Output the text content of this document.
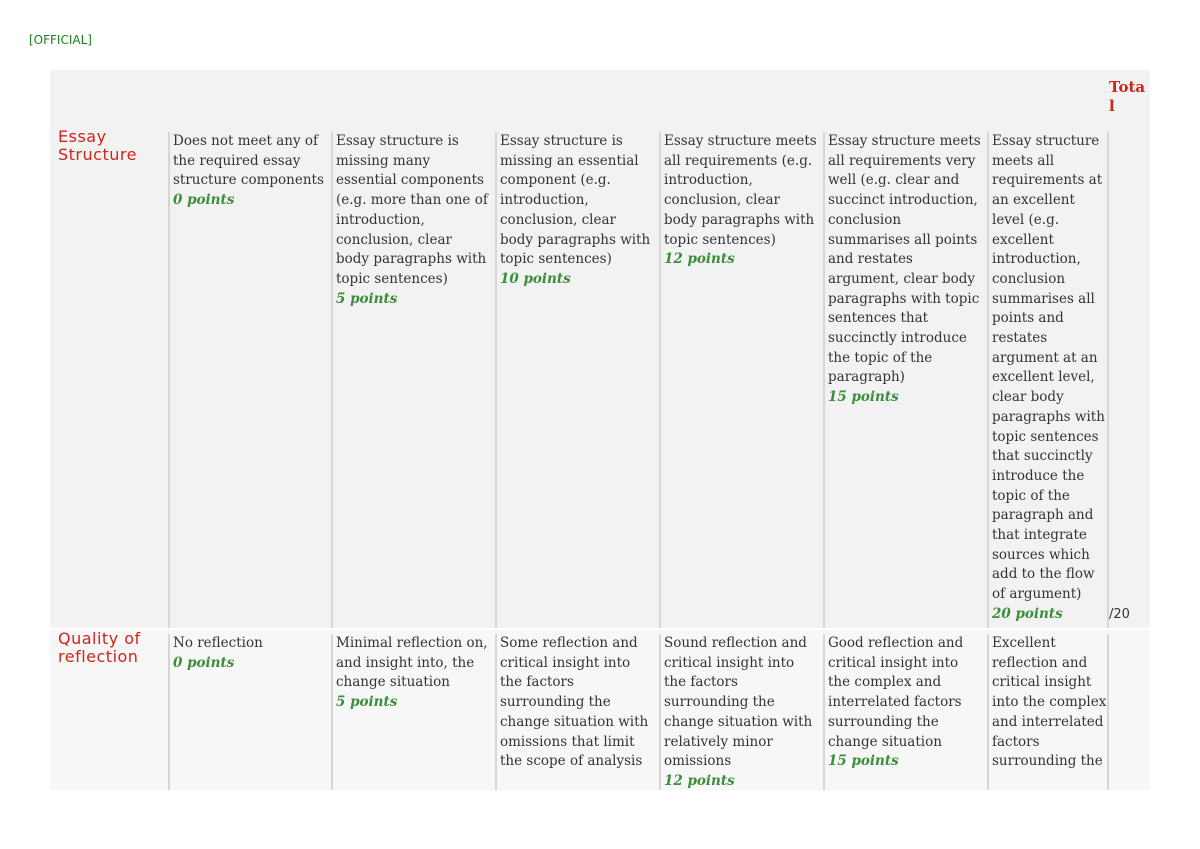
[OFFICIAL]
Total
Essay Structure
Does not meet any of the required essay structure components
0 points
Essay structure is missing many essential components (e.g. more than one of introduction, conclusion, clear body paragraphs with topic sentences)
5 points
Essay structure is missing an essential component (e.g. introduction, conclusion, clear body paragraphs with topic sentences)
10 points
Essay structure meets all requirements (e.g. introduction, conclusion, clear body paragraphs with topic sentences)
12 points
Essay structure meets all requirements very well (e.g. clear and succinct introduction, conclusion summarises all points and restates argument, clear body paragraphs with topic sentences that succinctly introduce the topic of the paragraph)
15 points
Essay structure meets all requirements at an excellent level (e.g. excellent introduction, conclusion summarises all points and restates argument at an excellent level, clear body paragraphs with topic sentences that succinctly introduce the topic of the paragraph and that integrate sources which add to the flow of argument)
20 points	/20
Quality of reflection
No reflection
0 points
Minimal reflection on, and insight into, the change situation
5 points
Some reflection and critical insight into the factors surrounding the change situation with omissions that limit the scope of analysis

Sound reflection and critical insight into the factors surrounding the change situation with relatively minor omissions
12 points
Good reflection and critical insight into the complex and interrelated factors surrounding the change situation
15 points
Excellent reflection and critical insight into the complex and interrelated factors surrounding the
